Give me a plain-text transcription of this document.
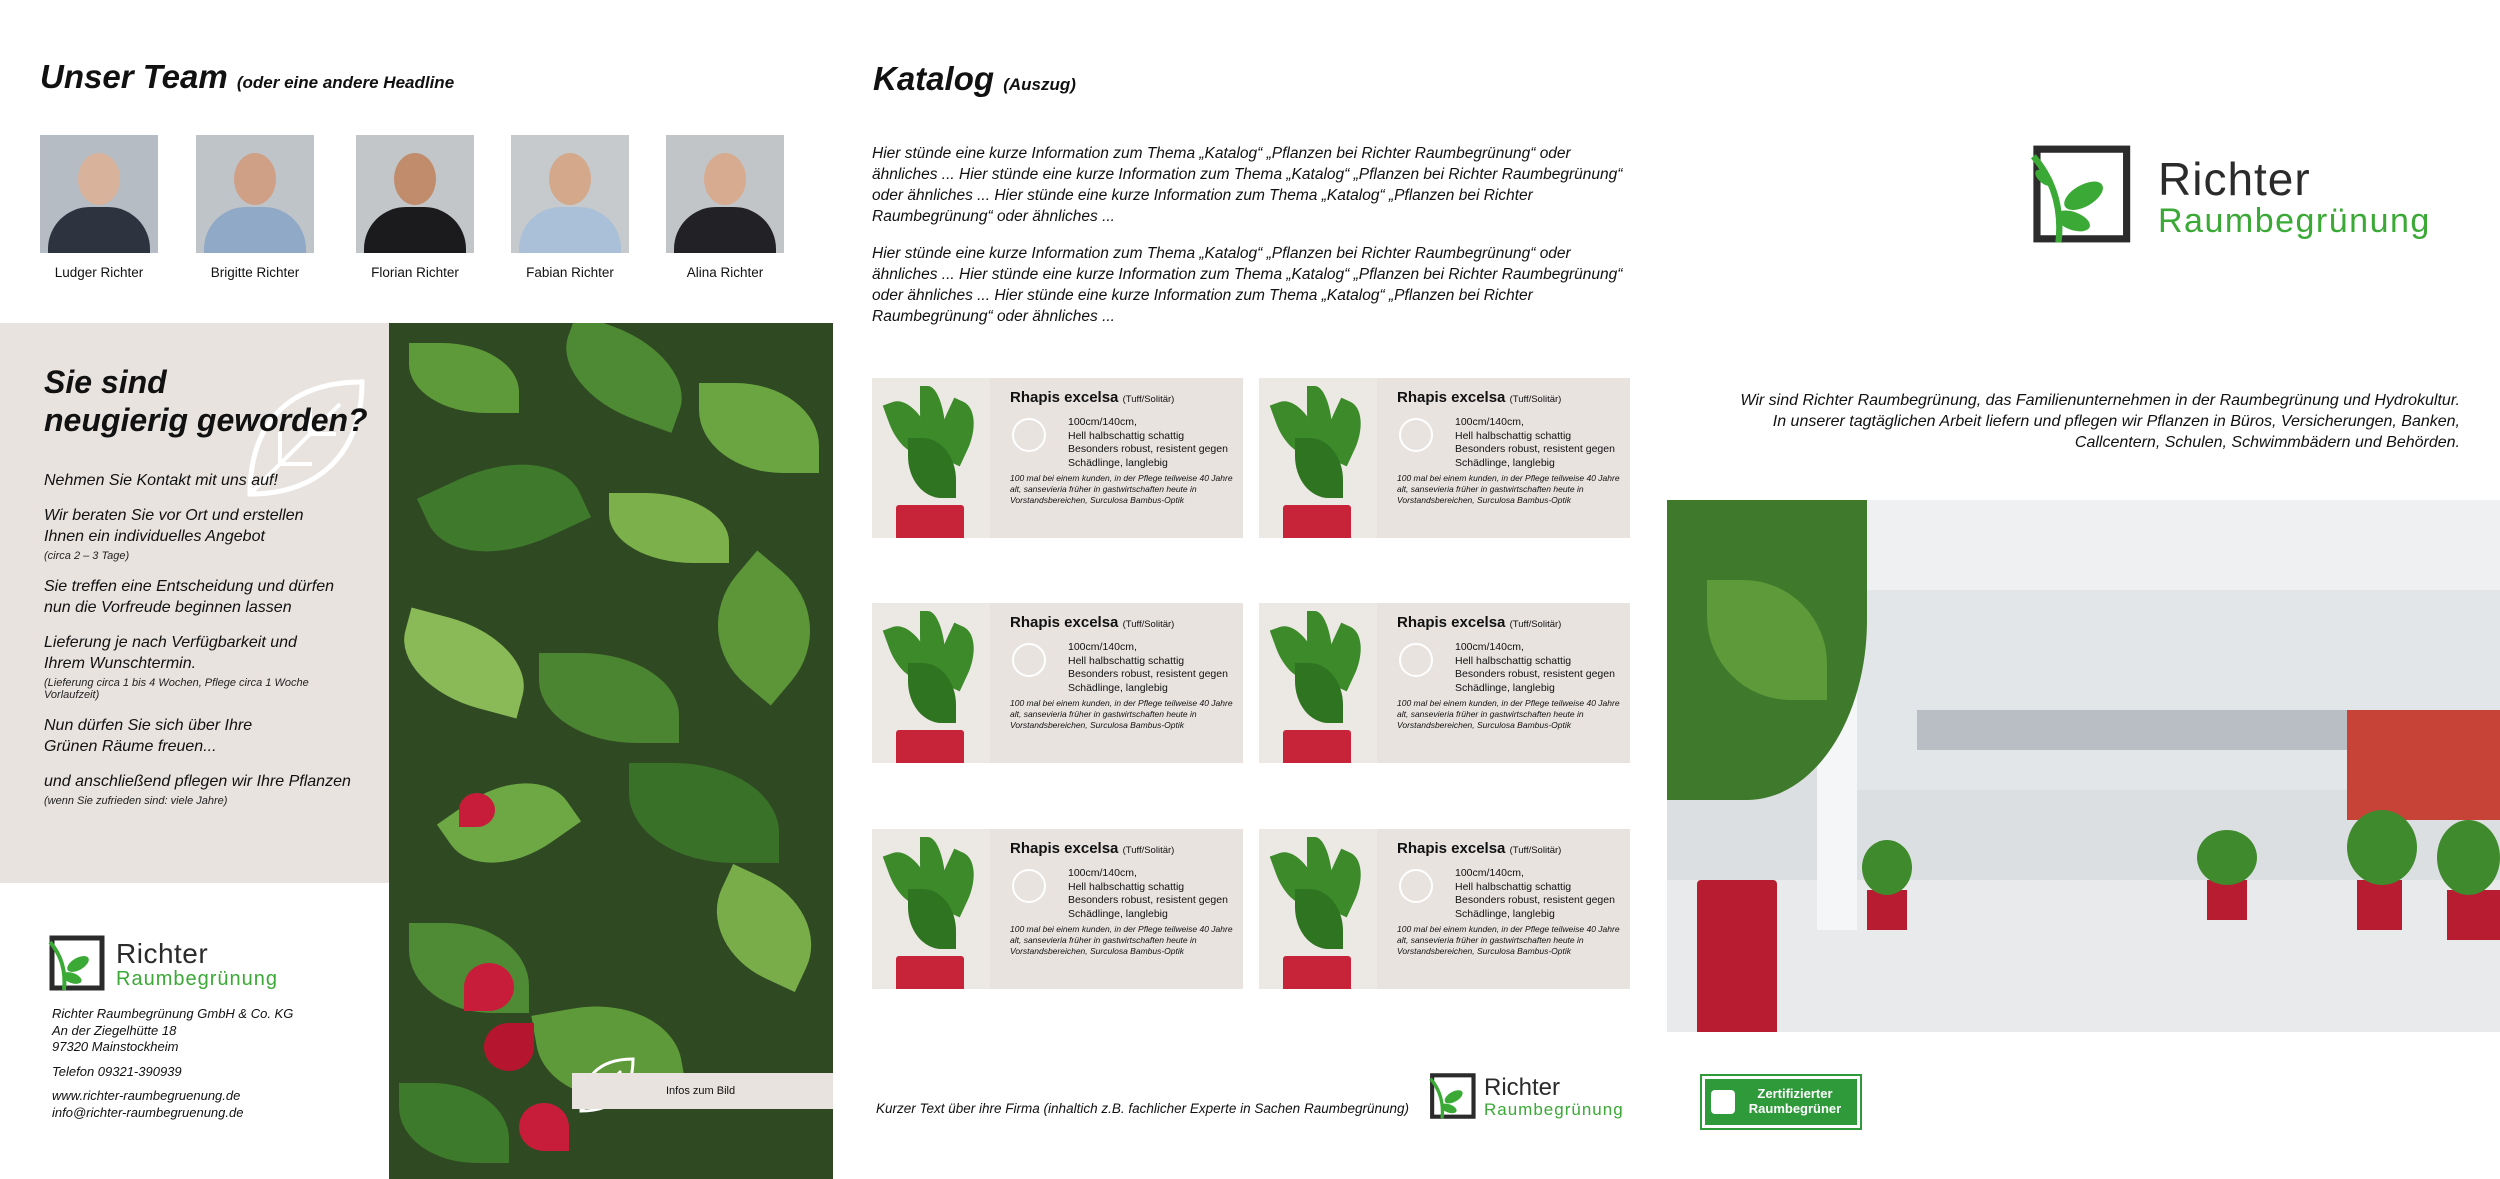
Unser Team (oder eine andere Headline
Ludger Richter	Brigitte Richter	Florian Richter	Fabian Richter	Alina Richter
Sie sind
neugierig geworden?
Nehmen Sie Kontakt mit uns auf!
Wir beraten Sie vor Ort und erstellen
Ihnen ein individuelles Angebot
(circa 2 – 3 Tage)
Sie treffen eine Entscheidung und dürfen
nun die Vorfreude beginnen lassen
Lieferung je nach Verfügbarkeit und
Ihrem Wunschtermin.
(Lieferung circa 1 bis 4 Wochen, Pflege circa 1 Woche Vorlaufzeit)
Nun dürfen Sie sich über Ihre
Grünen Räume freuen...
und anschließend pflegen wir Ihre Pflanzen
(wenn Sie zufrieden sind: viele Jahre)
Infos zum Bild
Richter
Raumbegrünung
Richter Raumbegrünung GmbH & Co. KG
An der Ziegelhütte 18
97320 Mainstockheim
Telefon 09321-390939
www.richter-raumbegruenung.de
info@richter-raumbegruenung.de
Katalog (Auszug)

Hier stünde eine kurze Information zum Thema „Katalog“ „Pflanzen bei Richter Raumbegrünung“ oder ähnliches ... Hier stünde eine kurze Information zum Thema „Katalog“ „Pflanzen bei Richter Raumbegrünung“ oder ähnliches ... Hier stünde eine kurze Information zum Thema „Katalog“ „Pflanzen bei Richter Raumbegrünung“ oder ähnliches ...

Hier stünde eine kurze Information zum Thema „Katalog“ „Pflanzen bei Richter Raumbegrünung“ oder ähnliches ... Hier stünde eine kurze Information zum Thema „Katalog“ „Pflanzen bei Richter Raumbegrünung“ oder ähnliches ... Hier stünde eine kurze Information zum Thema „Katalog“ „Pflanzen bei Richter Raumbegrünung“ oder ähnliches ...

Rhapis excelsa (Tuff/Solitär)
100cm/140cm,
Hell halbschattig schattig
Besonders robust, resistent gegen
Schädlinge, langlebig
100 mal bei einem kunden, in der Pflege teilweise 40 Jahre alt, sansevieria früher in gastwirtschaften heute in Vorstandsbereichen, Surculosa Bambus-Optik
Rhapis excelsa (Tuff/Solitär)
100cm/140cm,
Hell halbschattig schattig
Besonders robust, resistent gegen
Schädlinge, langlebig
100 mal bei einem kunden, in der Pflege teilweise 40 Jahre alt, sansevieria früher in gastwirtschaften heute in Vorstandsbereichen, Surculosa Bambus-Optik
Rhapis excelsa (Tuff/Solitär)
100cm/140cm,
Hell halbschattig schattig
Besonders robust, resistent gegen
Schädlinge, langlebig
100 mal bei einem kunden, in der Pflege teilweise 40 Jahre alt, sansevieria früher in gastwirtschaften heute in Vorstandsbereichen, Surculosa Bambus-Optik
Rhapis excelsa (Tuff/Solitär)
100cm/140cm,
Hell halbschattig schattig
Besonders robust, resistent gegen
Schädlinge, langlebig
100 mal bei einem kunden, in der Pflege teilweise 40 Jahre alt, sansevieria früher in gastwirtschaften heute in Vorstandsbereichen, Surculosa Bambus-Optik
Rhapis excelsa (Tuff/Solitär)
100cm/140cm,
Hell halbschattig schattig
Besonders robust, resistent gegen
Schädlinge, langlebig
100 mal bei einem kunden, in der Pflege teilweise 40 Jahre alt, sansevieria früher in gastwirtschaften heute in Vorstandsbereichen, Surculosa Bambus-Optik
Rhapis excelsa (Tuff/Solitär)
100cm/140cm,
Hell halbschattig schattig
Besonders robust, resistent gegen
Schädlinge, langlebig
100 mal bei einem kunden, in der Pflege teilweise 40 Jahre alt, sansevieria früher in gastwirtschaften heute in Vorstandsbereichen, Surculosa Bambus-Optik
Kurzer Text über ihre Firma (inhaltich z.B. fachlicher Experte in Sachen Raumbegrünung)
Richter
Raumbegrünung
Richter
Raumbegrünung
Wir sind Richter Raumbegrünung, das Familienunternehmen in der Raumbegrünung und Hydrokultur.
In unserer tagtäglichen Arbeit liefern und pflegen wir Pflanzen in Büros, Versicherungen, Banken,
Callcentern, Schulen, Schwimmbädern und Behörden.
Zertifizierter
Raumbegrüner
